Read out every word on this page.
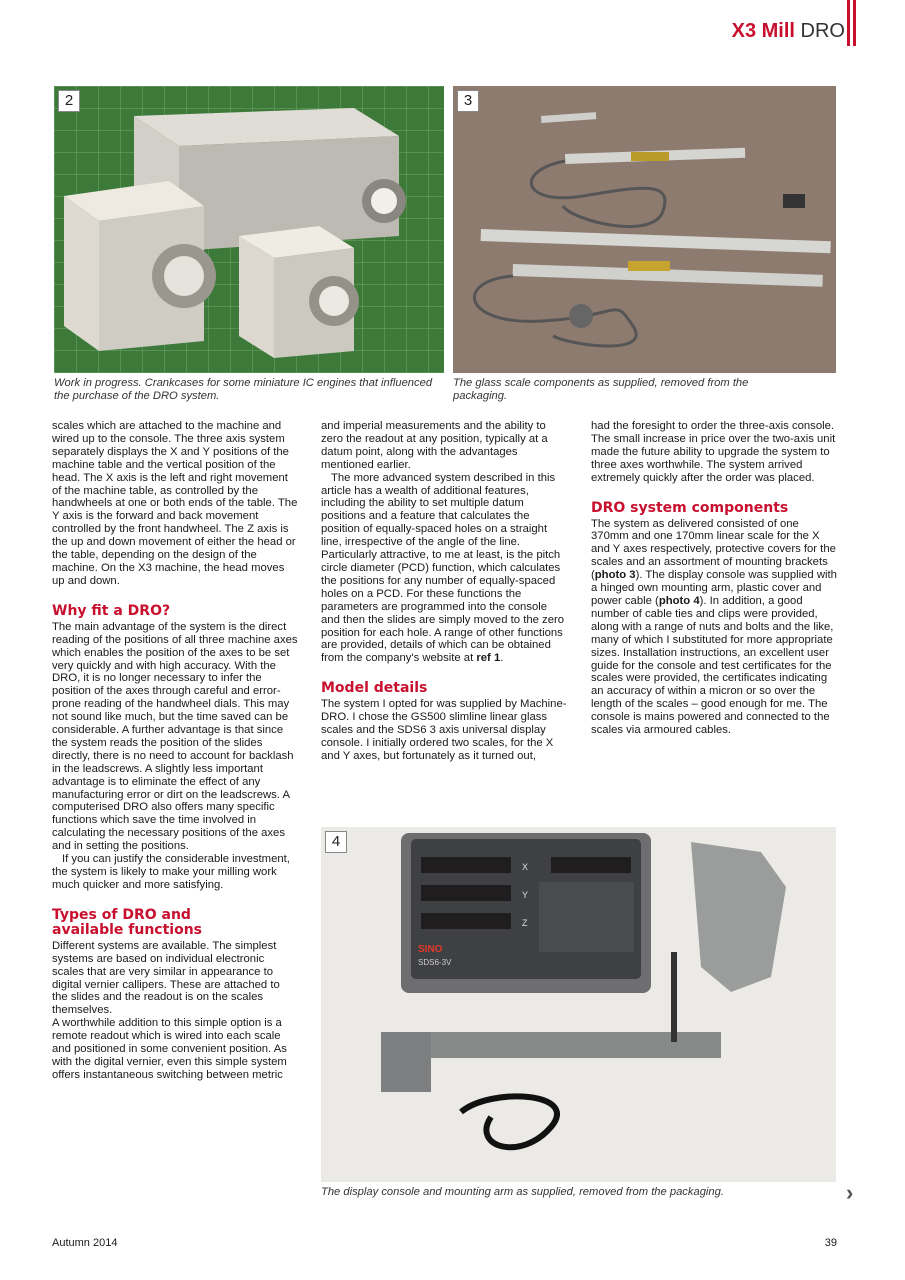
X3 Mill DRO
2
Work in progress. Crankcases for some miniature IC engines that influenced the purchase of the DRO system.
3
The glass scale components as supplied, removed from the packaging.

scales which are attached to the machine and wired up to the console. The three axis system separately displays the X and Y positions of the machine table and the vertical position of the head. The X axis is the left and right movement of the machine table, as controlled by the handwheels at one or both ends of the table. The Y axis is the forward and back movement controlled by the front handwheel. The Z axis is the up and down movement of either the head or the table, depending on the design of the machine. On the X3 machine, the head moves up and down.

Why fit a DRO?

The main advantage of the system is the direct reading of the positions of all three machine axes which enables the position of the axes to be set very quickly and with high accuracy. With the DRO, it is no longer necessary to infer the position of the axes through careful and error-prone reading of the handwheel dials. This may not sound like much, but the time saved can be considerable. A further advantage is that since the system reads the position of the slides directly, there is no need to account for backlash in the leadscrews. A slightly less important advantage is to eliminate the effect of any manufacturing error or dirt on the leadscrews. A computerised DRO also offers many specific functions which save the time involved in calculating the necessary positions of the axes and in setting the positions.

If you can justify the considerable investment, the system is likely to make your milling work much quicker and more satisfying.

Types of DRO and
available functions

Different systems are available. The simplest systems are based on individual electronic scales that are very similar in appearance to digital vernier callipers. These are attached to the slides and the readout is on the scales themselves.

A worthwhile addition to this simple option is a remote readout which is wired into each scale and positioned in some convenient position. As with the digital vernier, even this simple system offers instantaneous switching between metric

and imperial measurements and the ability to zero the readout at any position, typically at a datum point, along with the advantages mentioned earlier.

The more advanced system described in this article has a wealth of additional features, including the ability to set multiple datum positions and a feature that calculates the position of equally-spaced holes on a straight line, irrespective of the angle of the line. Particularly attractive, to me at least, is the pitch circle diameter (PCD) function, which calculates the positions for any number of equally-spaced holes on a PCD. For these functions the parameters are programmed into the console and then the slides are simply moved to the zero position for each hole. A range of other functions are provided, details of which can be obtained from the company's website at ref 1.

Model details

The system I opted for was supplied by Machine-DRO. I chose the GS500 slimline linear glass scales and the SDS6 3 axis universal display console. I initially ordered two scales, for the X and Y axes, but fortunately as it turned out,

had the foresight to order the three-axis console. The small increase in price over the two-axis unit made the future ability to upgrade the system to three axes worthwhile. The system arrived extremely quickly after the order was placed.

DRO system components

The system as delivered consisted of one 370mm and one 170mm linear scale for the X and Y axes respectively, protective covers for the scales and an assortment of mounting brackets (photo 3). The display console was supplied with a hinged own mounting arm, plastic cover and power cable (photo 4). In addition, a good number of cable ties and clips were provided, along with a range of nuts and bolts and the like, many of which I substituted for more appropriate sizes. Installation instructions, an excellent user guide for the console and test certificates for the scales were provided, the certificates indicating an accuracy of within a micron or so over the length of the scales – good enough for me. The console is mains powered and connected to the scales via armoured cables.

4
X
Y
Z
SINO
SDS6-3V
The display console and mounting arm as supplied, removed from the packaging.	›
Autumn 2014	39
